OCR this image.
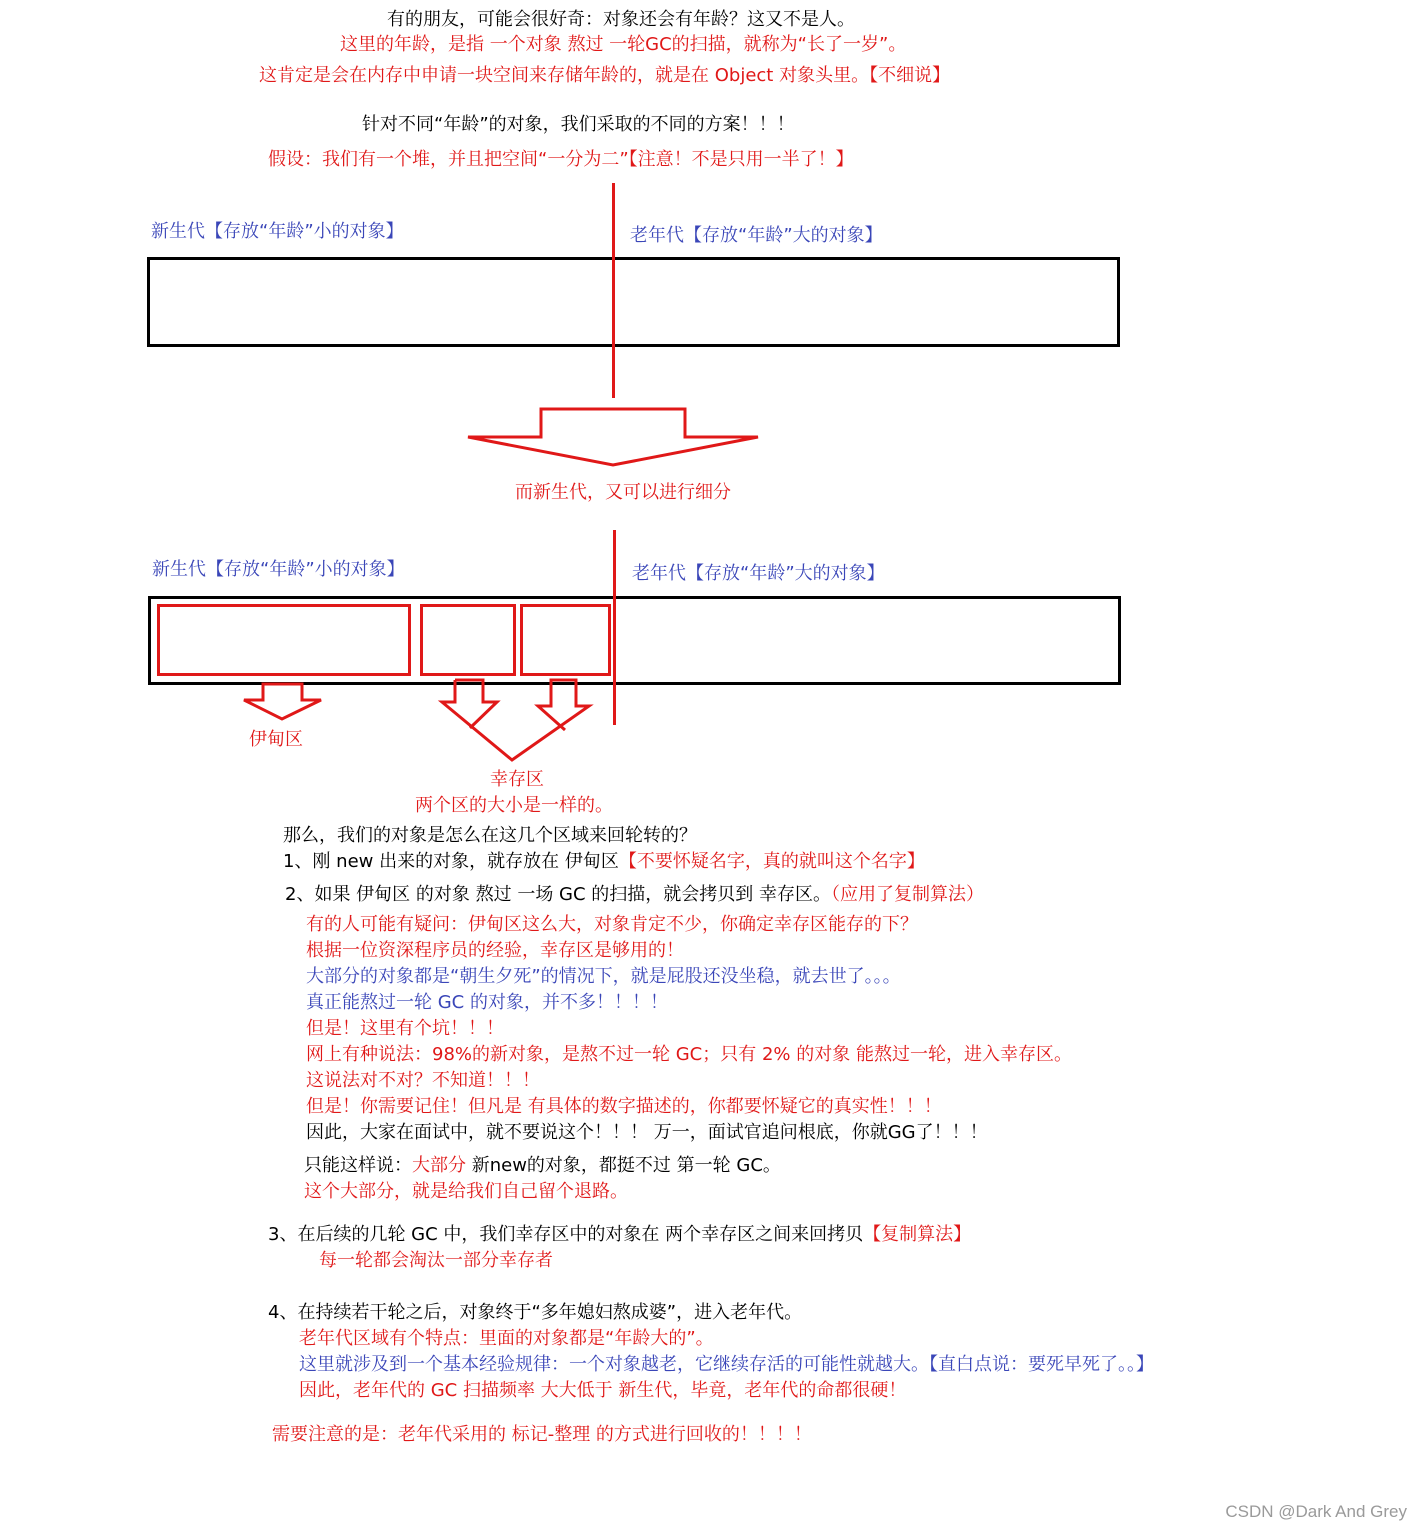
有的朋友，可能会很好奇：对象还会有年龄？这又不是人。
这里的年龄，是指 一个对象 熬过 一轮GC的扫描，就称为“长了一岁”。
这肯定是会在内存中申请一块空间来存储年龄的，就是在 Object 对象头里。【不细说】
针对不同“年龄”的对象，我们采取的不同的方案！！！
假设：我们有一个堆，并且把空间“一分为二”【注意！不是只用一半了！】
新生代【存放“年龄”小的对象】	老年代【存放“年龄”大的对象】
而新生代，又可以进行细分
新生代【存放“年龄”小的对象】	老年代【存放“年龄”大的对象】
伊甸区
幸存区
两个区的大小是一样的。
那么，我们的对象是怎么在这几个区域来回轮转的？
1、刚 new 出来的对象，就存放在 伊甸区【不要怀疑名字，真的就叫这个名字】
2、如果 伊甸区 的对象 熬过 一场 GC 的扫描，就会拷贝到 幸存区。（应用了复制算法）
有的人可能有疑问：伊甸区这么大，对象肯定不少，你确定幸存区能存的下？
根据一位资深程序员的经验，幸存区是够用的！
大部分的对象都是“朝生夕死”的情况下，就是屁股还没坐稳，就去世了。。。
真正能熬过一轮 GC 的对象，并不多！！！！
但是！这里有个坑！！！
网上有种说法：98%的新对象，是熬不过一轮 GC；只有 2% 的对象 能熬过一轮，进入幸存区。
这说法对不对？不知道！！！
但是！你需要记住！但凡是 有具体的数字描述的，你都要怀疑它的真实性！！！
因此，大家在面试中，就不要说这个！！！ 万一，面试官追问根底，你就GG了！！！
只能这样说：大部分 新new的对象，都挺不过 第一轮 GC。
这个大部分，就是给我们自己留个退路。
3、在后续的几轮 GC 中，我们幸存区中的对象在 两个幸存区之间来回拷贝【复制算法】
每一轮都会淘汰一部分幸存者
4、在持续若干轮之后，对象终于“多年媳妇熬成婆”，进入老年代。
老年代区域有个特点：里面的对象都是“年龄大的”。
这里就涉及到一个基本经验规律：一个对象越老，它继续存活的可能性就越大。【直白点说：要死早死了。。】
因此，老年代的 GC 扫描频率 大大低于 新生代，毕竟，老年代的命都很硬！
需要注意的是：老年代采用的 标记-整理 的方式进行回收的！！！！
CSDN @Dark And Grey
